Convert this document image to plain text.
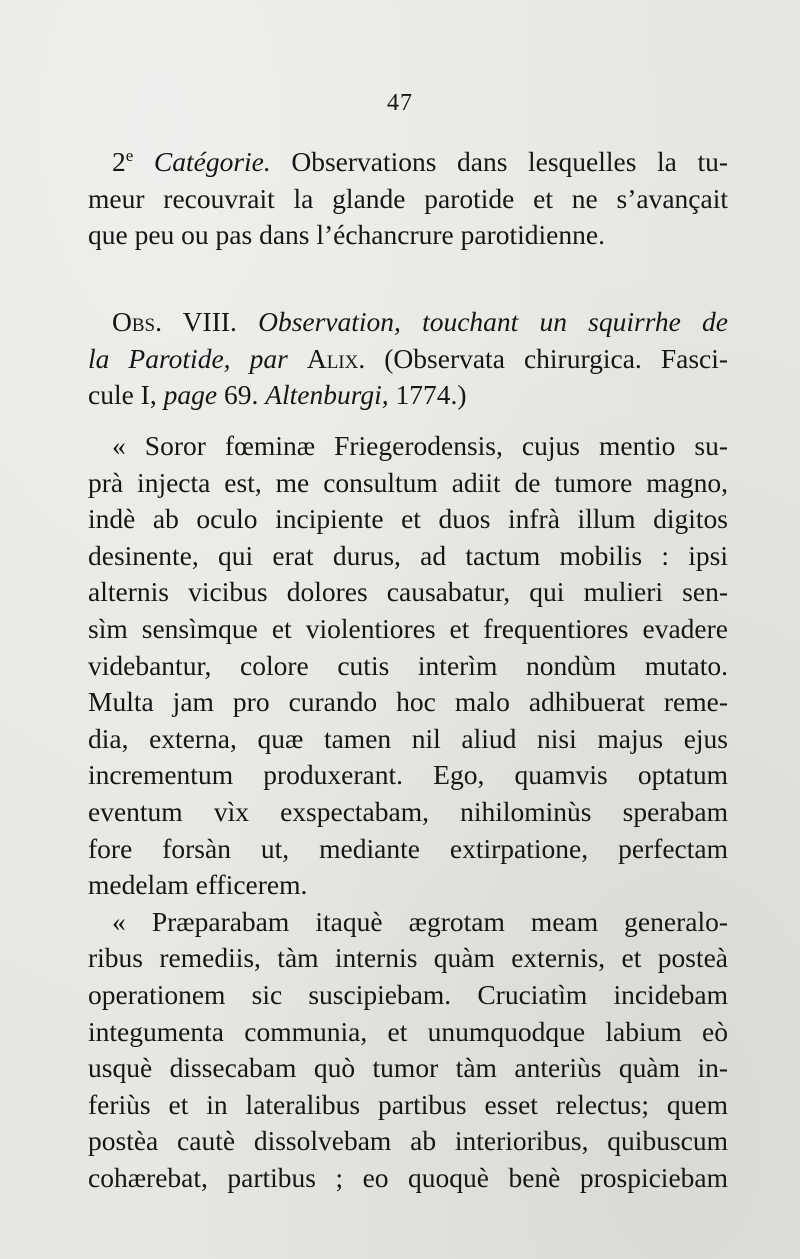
47

2e Catégorie. Observations dans lesquelles la tu-

meur recouvrait la glande parotide et ne s’avançait

que peu ou pas dans l’échancrure parotidienne.

Obs. VIII. Observation, touchant un squirrhe de

la Parotide, par Alix. (Observata chirurgica. Fasci-

cule I, page 69. Altenburgi, 1774.)

« Soror fœminæ Friegerodensis, cujus mentio su-

prà injecta est, me consultum adiit de tumore magno,

indè ab oculo incipiente et duos infrà illum digitos

desinente, qui erat durus, ad tactum mobilis : ipsi

alternis vicibus dolores causabatur, qui mulieri sen-

sìm sensìmque et violentiores et frequentiores evadere

videbantur, colore cutis interìm nondùm mutato.

Multa jam pro curando hoc malo adhibuerat reme-

dia, externa, quæ tamen nil aliud nisi majus ejus

incrementum produxerant. Ego, quamvis optatum

eventum vìx exspectabam, nihilominùs sperabam

fore forsàn ut, mediante extirpatione, perfectam

medelam efficerem.

« Præparabam itaquè ægrotam meam generalo-

ribus remediis, tàm internis quàm externis, et posteà

operationem sic suscipiebam. Cruciatìm incidebam

integumenta communia, et unumquodque labium eò

usquè dissecabam quò tumor tàm anteriùs quàm in-

feriùs et in lateralibus partibus esset relectus; quem

postèa cautè dissolvebam ab interioribus, quibuscum

cohærebat, partibus ; eo quoquè benè prospiciebam
